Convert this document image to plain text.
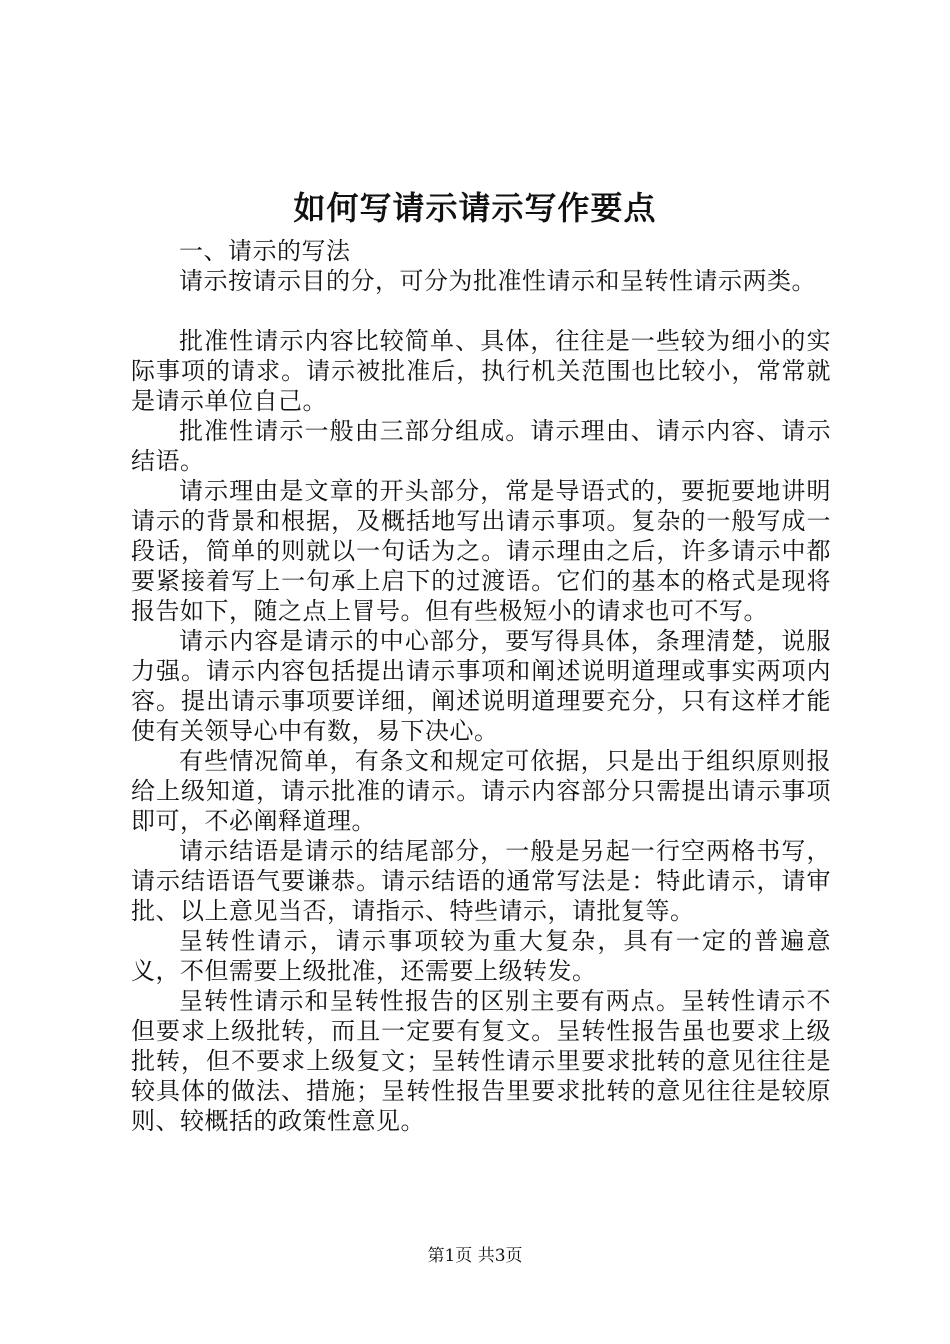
如何写请示请示写作要点

一、请示的写法

请示按请示目的分，可分为批准性请示和呈转性请示两类。

批准性请示内容比较简单、具体，往往是一些较为细小的实际事项的请求。请示被批准后，执行机关范围也比较小，常常就是请示单位自己。

批准性请示一般由三部分组成。请示理由、请示内容、请示结语。

请示理由是文章的开头部分，常是导语式的，要扼要地讲明请示的背景和根据，及概括地写出请示事项。复杂的一般写成一段话，简单的则就以一句话为之。请示理由之后，许多请示中都要紧接着写上一句承上启下的过渡语。它们的基本的格式是现将报告如下，随之点上冒号。但有些极短小的请求也可不写。

请示内容是请示的中心部分，要写得具体，条理清楚，说服力强。请示内容包括提出请示事项和阐述说明道理或事实两项内容。提出请示事项要详细，阐述说明道理要充分，只有这样才能使有关领导心中有数，易下决心。

有些情况简单，有条文和规定可依据，只是出于组织原则报给上级知道，请示批准的请示。请示内容部分只需提出请示事项即可，不必阐释道理。

请示结语是请示的结尾部分，一般是另起一行空两格书写，请示结语语气要谦恭。请示结语的通常写法是：特此请示，请审批、以上意见当否，请指示、特些请示，请批复等。

呈转性请示，请示事项较为重大复杂，具有一定的普遍意义，不但需要上级批准，还需要上级转发。

呈转性请示和呈转性报告的区别主要有两点。呈转性请示不但要求上级批转，而且一定要有复文。呈转性报告虽也要求上级批转，但不要求上级复文；呈转性请示里要求批转的意见往往是较具体的做法、措施；呈转性报告里要求批转的意见往往是较原则、较概括的政策性意见。

第1页 共3页
